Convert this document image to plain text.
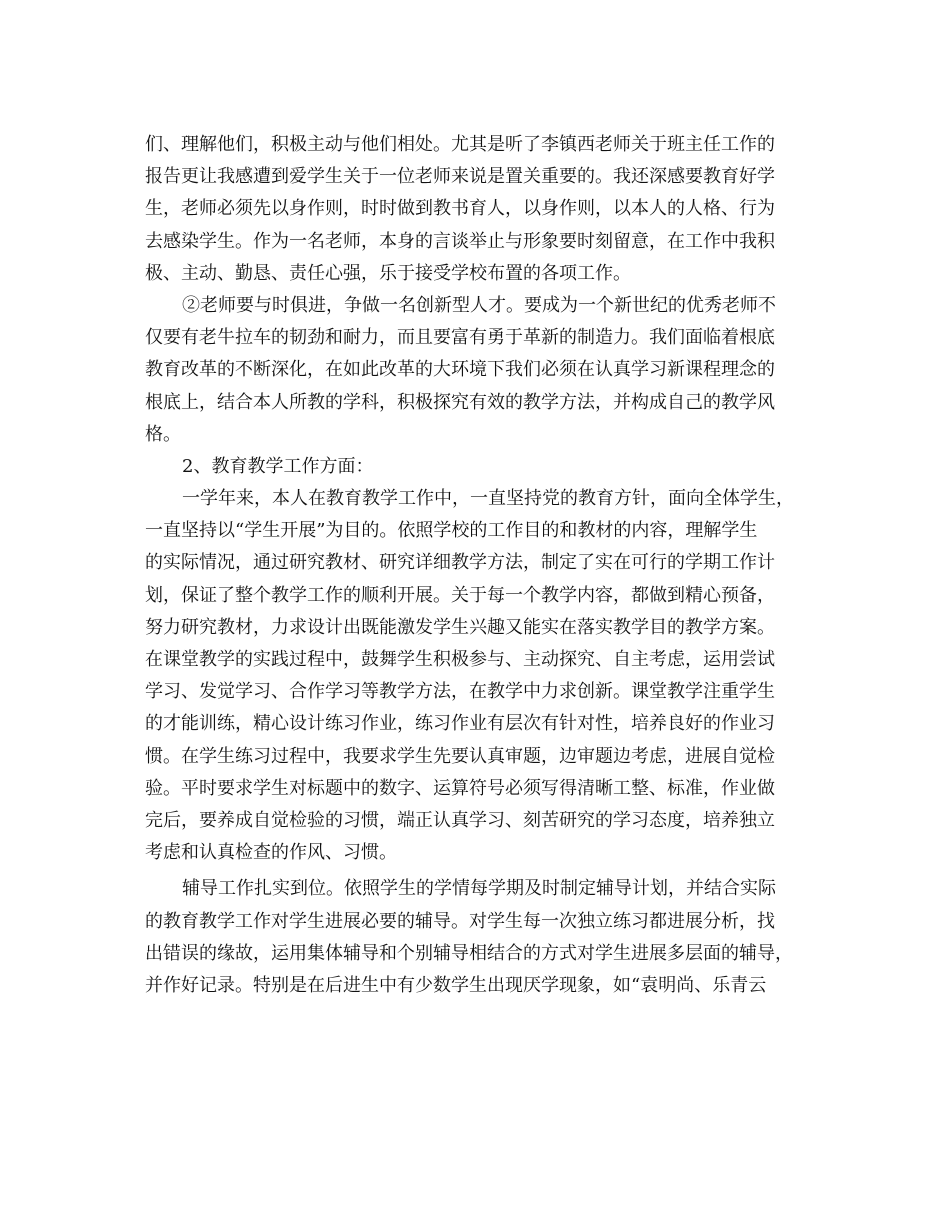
们、理解他们，积极主动与他们相处。尤其是听了李镇西老师关于班主任工作的
报告更让我感遭到爱学生关于一位老师来说是置关重要的。我还深感要教育好学
生，老师必须先以身作则，时时做到教书育人，以身作则，以本人的人格、行为
去感染学生。作为一名老师，本身的言谈举止与形象要时刻留意，在工作中我积
极、主动、勤恳、责任心强，乐于接受学校布置的各项工作。
②老师要与时俱进，争做一名创新型人才。要成为一个新世纪的优秀老师不
仅要有老牛拉车的韧劲和耐力，而且要富有勇于革新的制造力。我们面临着根底
教育改革的不断深化，在如此改革的大环境下我们必须在认真学习新课程理念的
根底上，结合本人所教的学科，积极探究有效的教学方法，并构成自己的教学风
格。
2、教育教学工作方面：
一学年来，本人在教育教学工作中，一直坚持党的教育方针，面向全体学生，
一直坚持以“学生开展”为目的。依照学校的工作目的和教材的内容，理解学生
的实际情况，通过研究教材、研究详细教学方法，制定了实在可行的学期工作计
划，保证了整个教学工作的顺利开展。关于每一个教学内容，都做到精心预备，
努力研究教材，力求设计出既能激发学生兴趣又能实在落实教学目的教学方案。
在课堂教学的实践过程中，鼓舞学生积极参与、主动探究、自主考虑，运用尝试
学习、发觉学习、合作学习等教学方法，在教学中力求创新。课堂教学注重学生
的才能训练，精心设计练习作业，练习作业有层次有针对性，培养良好的作业习
惯。在学生练习过程中，我要求学生先要认真审题，边审题边考虑，进展自觉检
验。平时要求学生对标题中的数字、运算符号必须写得清晰工整、标准，作业做
完后，要养成自觉检验的习惯，端正认真学习、刻苦研究的学习态度，培养独立
考虑和认真检查的作风、习惯。
辅导工作扎实到位。依照学生的学情每学期及时制定辅导计划，并结合实际
的教育教学工作对学生进展必要的辅导。对学生每一次独立练习都进展分析，找
出错误的缘故，运用集体辅导和个别辅导相结合的方式对学生进展多层面的辅导，
并作好记录。特别是在后进生中有少数学生出现厌学现象，如“袁明尚、乐青云
